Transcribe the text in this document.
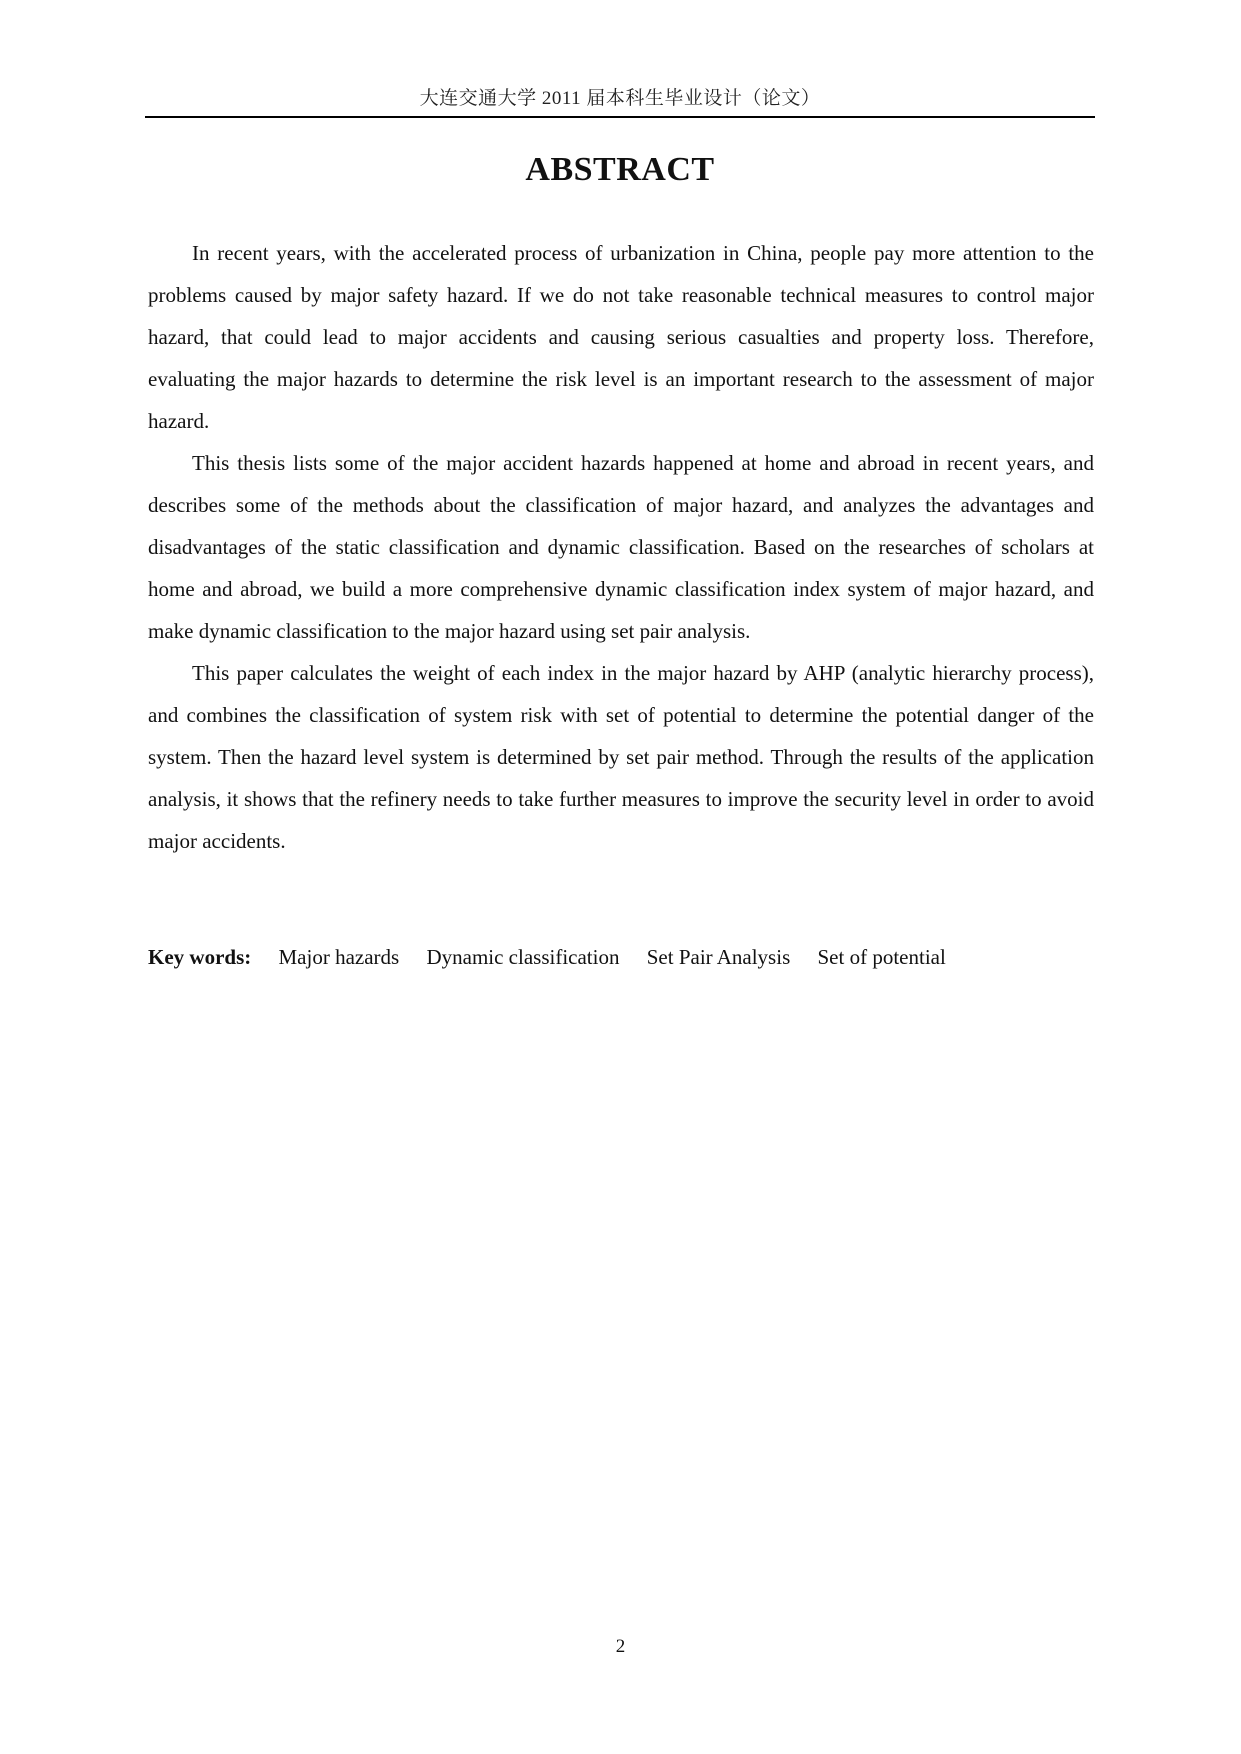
大连交通大学 2011 届本科生毕业设计（论文）
ABSTRACT

In recent years, with the accelerated process of urbanization in China, people pay more attention to the problems caused by major safety hazard. If we do not take reasonable technical measures to control major hazard, that could lead to major accidents and causing serious casualties and property loss. Therefore, evaluating the major hazards to determine the risk level is an important research to the assessment of major hazard.

This thesis lists some of the major accident hazards happened at home and abroad in recent years, and describes some of the methods about the classification of major hazard, and analyzes the advantages and disadvantages of the static classification and dynamic classification. Based on the researches of scholars at home and abroad, we build a more comprehensive dynamic classification index system of major hazard, and make dynamic classification to the major hazard using set pair analysis.

This paper calculates the weight of each index in the major hazard by AHP (analytic hierarchy process), and combines the classification of system risk with set of potential to determine the potential danger of the system. Then the hazard level system is determined by set pair method. Through the results of the application analysis, it shows that the refinery needs to take further measures to improve the security level in order to avoid major accidents.

Key words: Major hazards Dynamic classification Set Pair Analysis Set of potential
2
